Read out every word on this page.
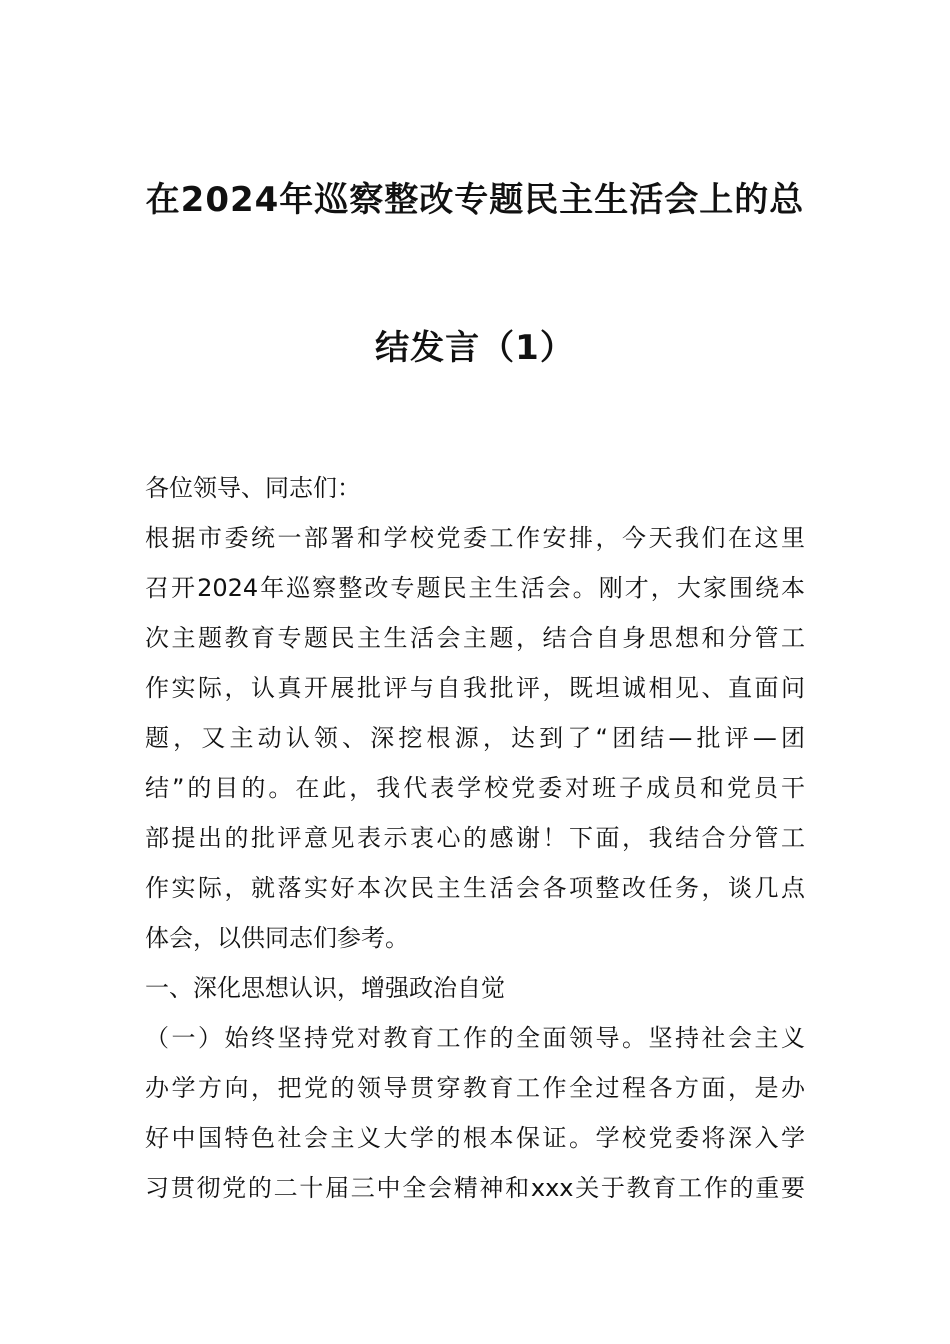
在2024年巡察整改专题民主生活会上的总
结发言（1）
各位领导、同志们：
根据市委统一部署和学校党委工作安排，今天我们在这里
召开2024年巡察整改专题民主生活会。刚才，大家围绕本
次主题教育专题民主生活会主题，结合自身思想和分管工
作实际，认真开展批评与自我批评，既坦诚相见、直面问
题，又主动认领、深挖根源，达到了“团结—批评—团
结”的目的。在此，我代表学校党委对班子成员和党员干
部提出的批评意见表示衷心的感谢！下面，我结合分管工
作实际，就落实好本次民主生活会各项整改任务，谈几点
体会，以供同志们参考。
一、深化思想认识，增强政治自觉
（一）始终坚持党对教育工作的全面领导。坚持社会主义
办学方向，把党的领导贯穿教育工作全过程各方面，是办
好中国特色社会主义大学的根本保证。学校党委将深入学
习贯彻党的二十届三中全会精神和xxx关于教育工作的重要
